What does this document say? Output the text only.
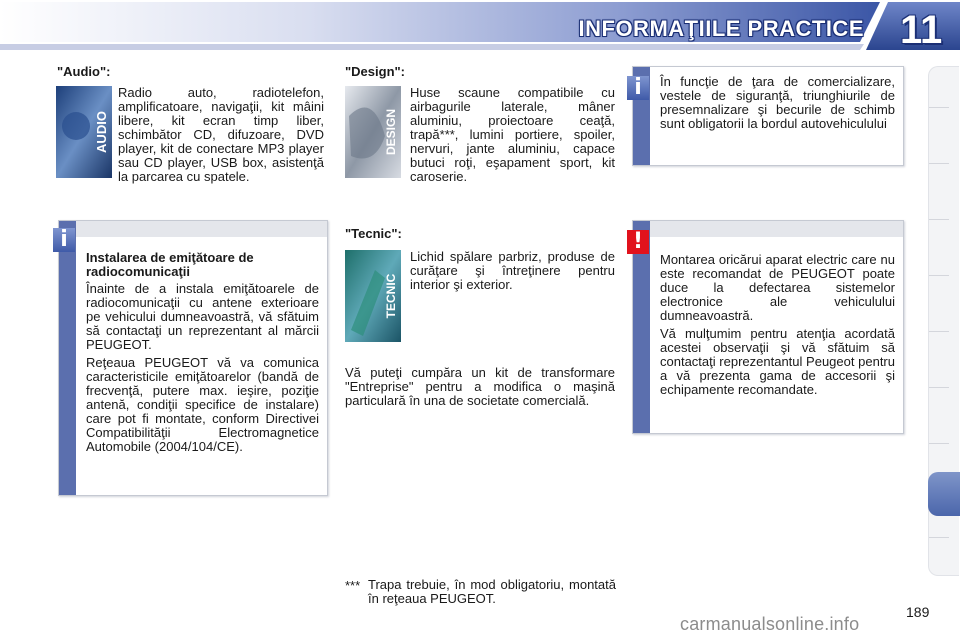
INFORMAŢIILE PRACTICE 11
"Audio":
AUDIO

Radio auto, radiotelefon, amplificatoare, navigaţii, kit mâini libere, kit ecran timp liber, schimbător CD, difuzoare, DVD player, kit de conectare MP3 player sau CD player, USB box, asistenţă la parcarea cu spatele.

"Design":
DESIGN

Huse scaune compatibile cu airbagurile laterale, mâner aluminiu, proiectoare ceaţă, trapă***, lumini portiere, spoiler, nervuri, jante aluminiu, capace butuci roţi, eşapament sport, kit caroserie.

"Tecnic":
TECNIC

Lichid spălare parbriz, produse de curăţare şi întreţinere pentru interior şi exterior.

Vă puteţi cumpăra un kit de transformare "Entreprise" pentru a modifica o maşină particulară în una de societate comercială.

*** Trapa trebuie, în mod obligatoriu, montată în reţeaua PEUGEOT.

Instalarea de emiţătoare de radiocomunicaţii

Înainte de a instala emiţătoarele de radiocomunicaţii cu antene exterioare pe vehicului dumneavoastră, vă sfătuim să contactaţi un reprezentant al mărcii PEUGEOT.

Reţeaua PEUGEOT vă va comunica caracteristicile emiţătoarelor (bandă de frecvenţă, putere max. ieşire, poziţie antenă, condiţii specifice de instalare) care pot fi montate, conform Directivei Compatibilităţii Electromagnetice Automobile (2004/104/CE).

i

În funcţie de ţara de comercializare, vestele de siguranţă, triunghiurile de presemnalizare şi becurile de schimb sunt obligatorii la bordul autovehiculului

i

Montarea oricărui aparat electric care nu este recomandat de PEUGEOT poate duce la defectarea sistemelor electronice ale vehiculului dumneavoastră.

Vă mulţumim pentru atenţia acordată acestei observaţii şi vă sfătuim să contactaţi reprezentantul Peugeot pentru a vă prezenta gama de accesorii şi echipamente recomandate.

!
carmanualsonline.info
189
